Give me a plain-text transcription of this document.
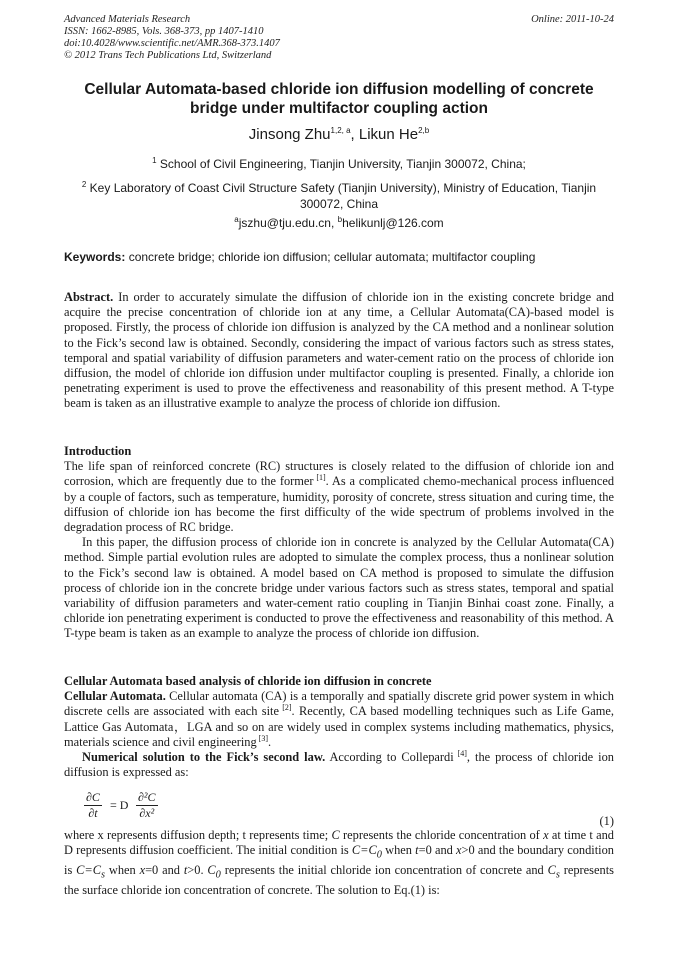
Advanced Materials Research
ISSN: 1662-8985, Vols. 368-373, pp 1407-1410
doi:10.4028/www.scientific.net/AMR.368-373.1407
© 2012 Trans Tech Publications Ltd, Switzerland
Online: 2011-10-24
Cellular Automata-based chloride ion diffusion modelling of concrete bridge under multifactor coupling action
Jinsong Zhu$^{1,2, a}$, Likun He$^{2,b}$
$^1$ School of Civil Engineering, Tianjin University, Tianjin 300072, China;
$^2$ Key Laboratory of Coast Civil Structure Safety (Tianjin University), Ministry of Education, Tianjin 300072, China
$^a$jszhu@tju.edu.cn, $^b$helikunlj@126.com
Keywords: concrete bridge; chloride ion diffusion; cellular automata; multifactor coupling

Abstract. In order to accurately simulate the diffusion of chloride ion in the existing concrete bridge and acquire the precise concentration of chloride ion at any time, a Cellular Automata(CA)-based model is proposed. Firstly, the process of chloride ion diffusion is analyzed by the CA method and a nonlinear solution to the Fick’s second law is obtained. Secondly, considering the impact of various factors such as stress states, temporal and spatial variability of diffusion parameters and water-cement ratio on the process of chloride ion diffusion, the model of chloride ion diffusion under multifactor coupling is presented. Finally, a chloride ion penetrating experiment is used to prove the effectiveness and reasonability of this present method. A T-type beam is taken as an illustrative example to analyze the process of chloride ion diffusion.

Introduction

The life span of reinforced concrete (RC) structures is closely related to the diffusion of chloride ion and corrosion, which are frequently due to the former [1]. As a complicated chemo-mechanical process influenced by a couple of factors, such as temperature, humidity, porosity of concrete, stress situation and curing time, the diffusion of chloride ion has become the first difficulty of the wide spectrum of problems involved in the degradation process of RC bridge.

In this paper, the diffusion process of chloride ion in concrete is analyzed by the Cellular Automata(CA) method. Simple partial evolution rules are adopted to simulate the complex process, thus a nonlinear solution to the Fick’s second law is obtained. A model based on CA method is proposed to simulate the diffusion process of chloride ion in the concrete bridge under various factors such as stress states, temporal and spatial variability of diffusion parameters and water-cement ratio coupling in Tianjin Binhai coast zone. Finally, a chloride ion penetrating experiment is conducted to prove the effectiveness and reasonability of this method. A T-type beam is taken as an example to analyze the process of chloride ion diffusion.

Cellular Automata based analysis of chloride ion diffusion in concrete

Cellular Automata. Cellular automata (CA) is a temporally and spatially discrete grid power system in which discrete cells are associated with each site [2]. Recently, CA based modelling techniques such as Life Game, Lattice Gas Automata，LGA and so on are widely used in complex systems including mathematics, physics, materials science and civil engineering [3].

Numerical solution to the Fick’s second law. According to Collepardi [4], the process of chloride ion diffusion is expressed as:

$\frac{\partial C}{\partial t} = D \frac{\text{∂²C}}{\text{∂x²}}$	(1)

where x represents diffusion depth; t represents time; C represents the chloride concentration of x at time t and D represents diffusion coefficient. The initial condition is $C=C_0$ when t=0 and x>0 and the boundary condition is $C=C_s$ when x=0 and t>0. $C_0$ represents the initial chloride ion concentration of concrete and $C_s$ represents the surface chloride ion concentration of concrete. The solution to Eq.(1) is:
